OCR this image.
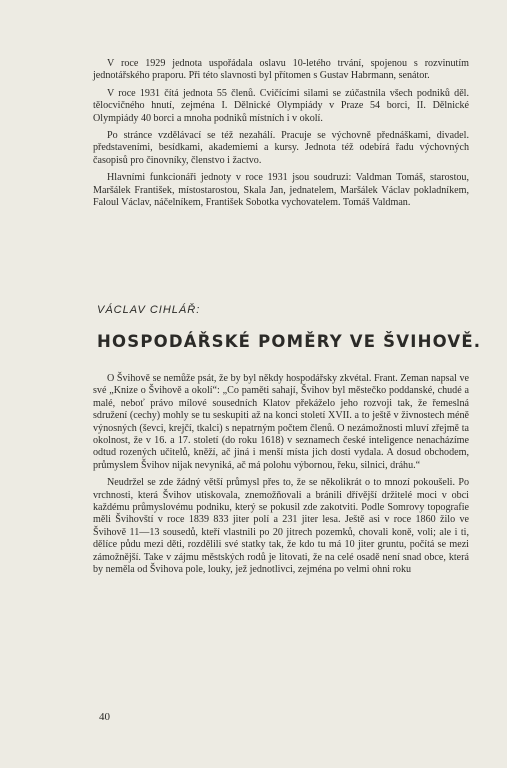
V roce 1929 jednota uspořádala oslavu 10-letého trvání, spojenou s rozvinutím jednotářského praporu. Při této slavnosti byl přítomen s Gustav Habrmann, senátor.

V roce 1931 čítá jednota 55 členů. Cvičícími silami se zúčastnila všech podniků děl. tělocvičného hnutí, zejména I. Dělnické Olympiády v Praze 54 borci, II. Dělnické Olympiády 40 borci a mnoha podniků místních i v okolí.

Po stránce vzdělávací se též nezahálí. Pracuje se výchovně přednáškami, divadel. představeními, besídkami, akademiemi a kursy. Jednota též odebírá řadu výchovných časopisů pro činovníky, členstvo i žactvo.

Hlavními funkcionáři jednoty v roce 1931 jsou soudruzi: Valdman Tomáš, starostou, Maršálek František, místostarostou, Skala Jan, jednatelem, Maršálek Václav pokladníkem, Faloul Václav, náčelníkem, František Sobotka vychovatelem. Tomáš Valdman.

VÁCLAV CIHLÁŘ:
HOSPODÁŘSKÉ POMĚRY VE ŠVIHOVĚ.

O Švihově se nemůže psát, že by byl někdy hospodářsky zkvétal. Frant. Zeman napsal ve své „Knize o Švihově a okolí“: „Co paměti sahají, Švihov byl městečko poddanské, chudé a malé, neboť právo mílové sousedních Klatov překáželo jeho rozvoji tak, že řemeslná sdružení (cechy) mohly se tu seskupiti až na konci století XVII. a to ještě v živnostech méně výnosných (ševci, krejčí, tkalci) s nepatrným počtem členů. O nezámožnosti mluví zřejmě ta okolnost, že v 16. a 17. století (do roku 1618) v seznamech české inteligence nenacházíme odtud rozených učitelů, kněží, ač jiná i menší místa jich dosti vydala. A dosud obchodem, průmyslem Švihov nijak nevyniká, ač má polohu výbornou, řeku, silnici, dráhu.“

Neudržel se zde žádný větší průmysl přes to, že se několikrát o to mnozí pokoušeli. Po vrchnosti, která Švihov utiskovala, znemožňovali a bránili dřívější držitelé moci v obci každému průmyslovému podniku, který se pokusil zde zakotviti. Podle Somrovy topografie měli Švihovští v roce 1839 833 jiter polí a 231 jiter lesa. Ještě asi v roce 1860 žilo ve Švihově 11—13 sousedů, kteří vlastnili po 20 jitrech pozemků, chovali koně, voli; ale i ti, dělíce půdu mezi děti, rozdělili své statky tak, že kdo tu má 10 jiter gruntu, počítá se mezi zámožnější. Take v zájmu městských rodů je litovati, že na celé osadě není snad obce, která by neměla od Švihova pole, louky, jež jednotlivci, zejména po velmi ohni roku

40
